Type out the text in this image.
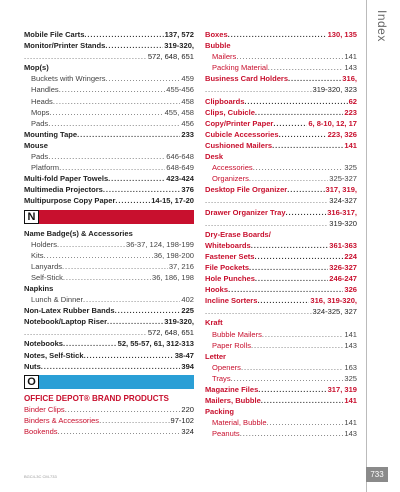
Mobile File Carts .....	137, 572
Monitor/Printer Stands .....	319-320,
.....
572, 648, 651
Mop(s)
Buckets with Wringers .....	459
Handles .....	455-456
Heads .....	458
Mops .....	455, 458
Pads .....	456
Mounting Tape .....	233
Mouse
Pads .....	646-648
Platform .....	648-649
Multi-fold Paper Towels .....	423-424
Multimedia Projectors .....	376
Multipurpose Copy Paper .....	14-15, 17-20
N
Name Badge(s) & Accessories
Holders .....	36-37, 124, 198-199
Kits .....	36, 198-200
Lanyards .....	37, 216
Self-Stick .....	36, 186, 198
Napkins
Lunch & Dinner .....	402
Non-Latex Rubber Bands .....	225
Notebook/Laptop Riser .....	319-320,
.....
572, 648, 651
Notebooks .....	52, 55-57, 61, 312-313
Notes, Self-Stick .....	38-47
Nuts .....	394
O
OFFICE DEPOT® BRAND PRODUCTS
Binder Clips .....	220
Binders & Accessories .....	97-102
Bookends .....	324
Boxes .....	130, 135
Bubble
Mailers .....	141
Packing Material .....	143
Business Card Holders .....	316,
.....
319-320, 323
Clipboards .....	62
Clips, Cubicle .....	223
Copy/Printer Paper .....	6, 8-10, 12, 17
Cubicle Accessories .....	223, 326
Cushioned Mailers .....	141
Desk
Accessories .....	325
Organizers .....	325-327
Desktop File Organizer .....	317, 319,
.....
324-327
Drawer Organizer Tray .....	316-317,
.....
319-320
Dry-Erase Boards/
Whiteboards .....	361-363
Fastener Sets .....	224
File Pockets .....	326-327
Hole Punches .....	246-247
Hooks .....	326
Incline Sorters .....	316, 319-320,
.....
324-325, 327
Kraft
Bubble Mailers .....	141
Paper Rolls .....	143
Letter
Openers .....	163
Trays .....	325
Magazine Files .....	317, 319
Mailers, Bubble .....	141
Packing
Material, Bubble .....	141
Peanuts .....	143
Index
733
BGC4-3C CM-733
